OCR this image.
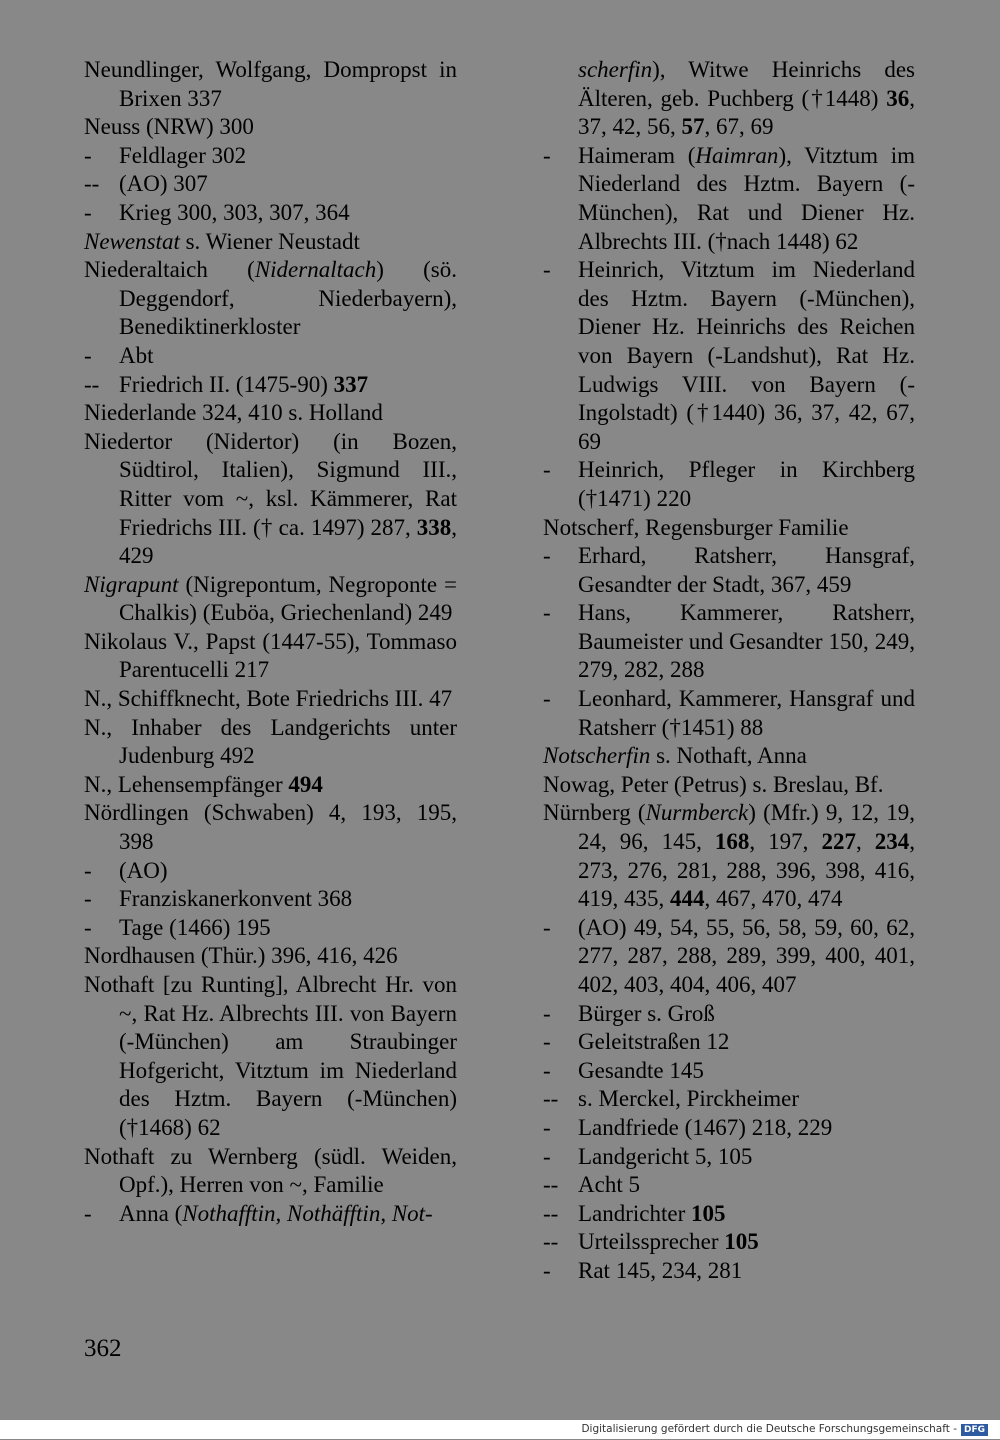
Neundlinger, Wolfgang, Dompropst in Brixen 337
Neuss (NRW) 300
-	Feldlager 302
-- (AO) 307
-	Krieg 300, 303, 307, 364
Newenstat s. Wiener Neustadt
Niederaltaich (Nidernaltach) (sö. Deggendorf, Niederbayern), Benediktinerkloster
-	Abt
-- Friedrich II. (1475-90) 337
Niederlande 324, 410 s. Holland
Niedertor (Nidertor) (in Bozen, Südtirol, Italien), Sigmund III., Ritter vom ~, ksl. Kämmerer, Rat Friedrichs III. († ca. 1497) 287, 338, 429
Nigrapunt (Nigrepontum, Negroponte = Chalkis) (Euböa, Griechenland) 249
Nikolaus V., Papst (1447-55), Tommaso Parentucelli 217
N., Schiffknecht, Bote Friedrichs III. 47
N., Inhaber des Landgerichts unter Judenburg 492
N., Lehensempfänger 494
Nördlingen (Schwaben) 4, 193, 195, 398
-	(AO)
-	Franziskanerkonvent 368
-	Tage (1466) 195
Nordhausen (Thür.) 396, 416, 426
Nothaft [zu Runting], Albrecht Hr. von ~, Rat Hz. Albrechts III. von Bayern (-München) am Straubinger Hofgericht, Vitztum im Niederland des Hztm. Bayern (-München) (†1468) 62
Nothaft zu Wernberg (südl. Weiden, Opf.), Herren von ~, Familie
-	Anna (Nothafftin, Nothäfftin, Not-
scherfin), Witwe Heinrichs des Älteren, geb. Puchberg (†1448) 36, 37, 42, 56, 57, 67, 69
-	Haimeram (Haimran), Vitztum im Niederland des Hztm. Bayern (-München), Rat und Diener Hz. Albrechts III. (†nach 1448) 62
-	Heinrich, Vitztum im Niederland des Hztm. Bayern (-München), Diener Hz. Heinrichs des Reichen von Bayern (-Landshut), Rat Hz. Ludwigs VIII. von Bayern (-Ingolstadt) (†1440) 36, 37, 42, 67, 69
-	Heinrich, Pfleger in Kirchberg (†1471) 220
Notscherf, Regensburger Familie
-	Erhard, Ratsherr, Hansgraf, Gesandter der Stadt, 367, 459
-	Hans, Kammerer, Ratsherr, Baumeister und Gesandter 150, 249, 279, 282, 288
-	Leonhard, Kammerer, Hansgraf und Ratsherr (†1451) 88
Notscherfin s. Nothaft, Anna
Nowag, Peter (Petrus) s. Breslau, Bf.
Nürnberg (Nurmberck) (Mfr.) 9, 12, 19, 24, 96, 145, 168, 197, 227, 234, 273, 276, 281, 288, 396, 398, 416, 419, 435, 444, 467, 470, 474
-	(AO) 49, 54, 55, 56, 58, 59, 60, 62, 277, 287, 288, 289, 399, 400, 401, 402, 403, 404, 406, 407
-	Bürger s. Groß
-	Geleitstraßen 12
-	Gesandte 145
-- s. Merckel, Pirckheimer
-	Landfriede (1467) 218, 229
-	Landgericht 5, 105
-- Acht 5
-- Landrichter 105
-- Urteilssprecher 105
-	Rat 145, 234, 281
362
Digitalisierung gefördert durch die Deutsche Forschungsgemeinschaft - DFG
